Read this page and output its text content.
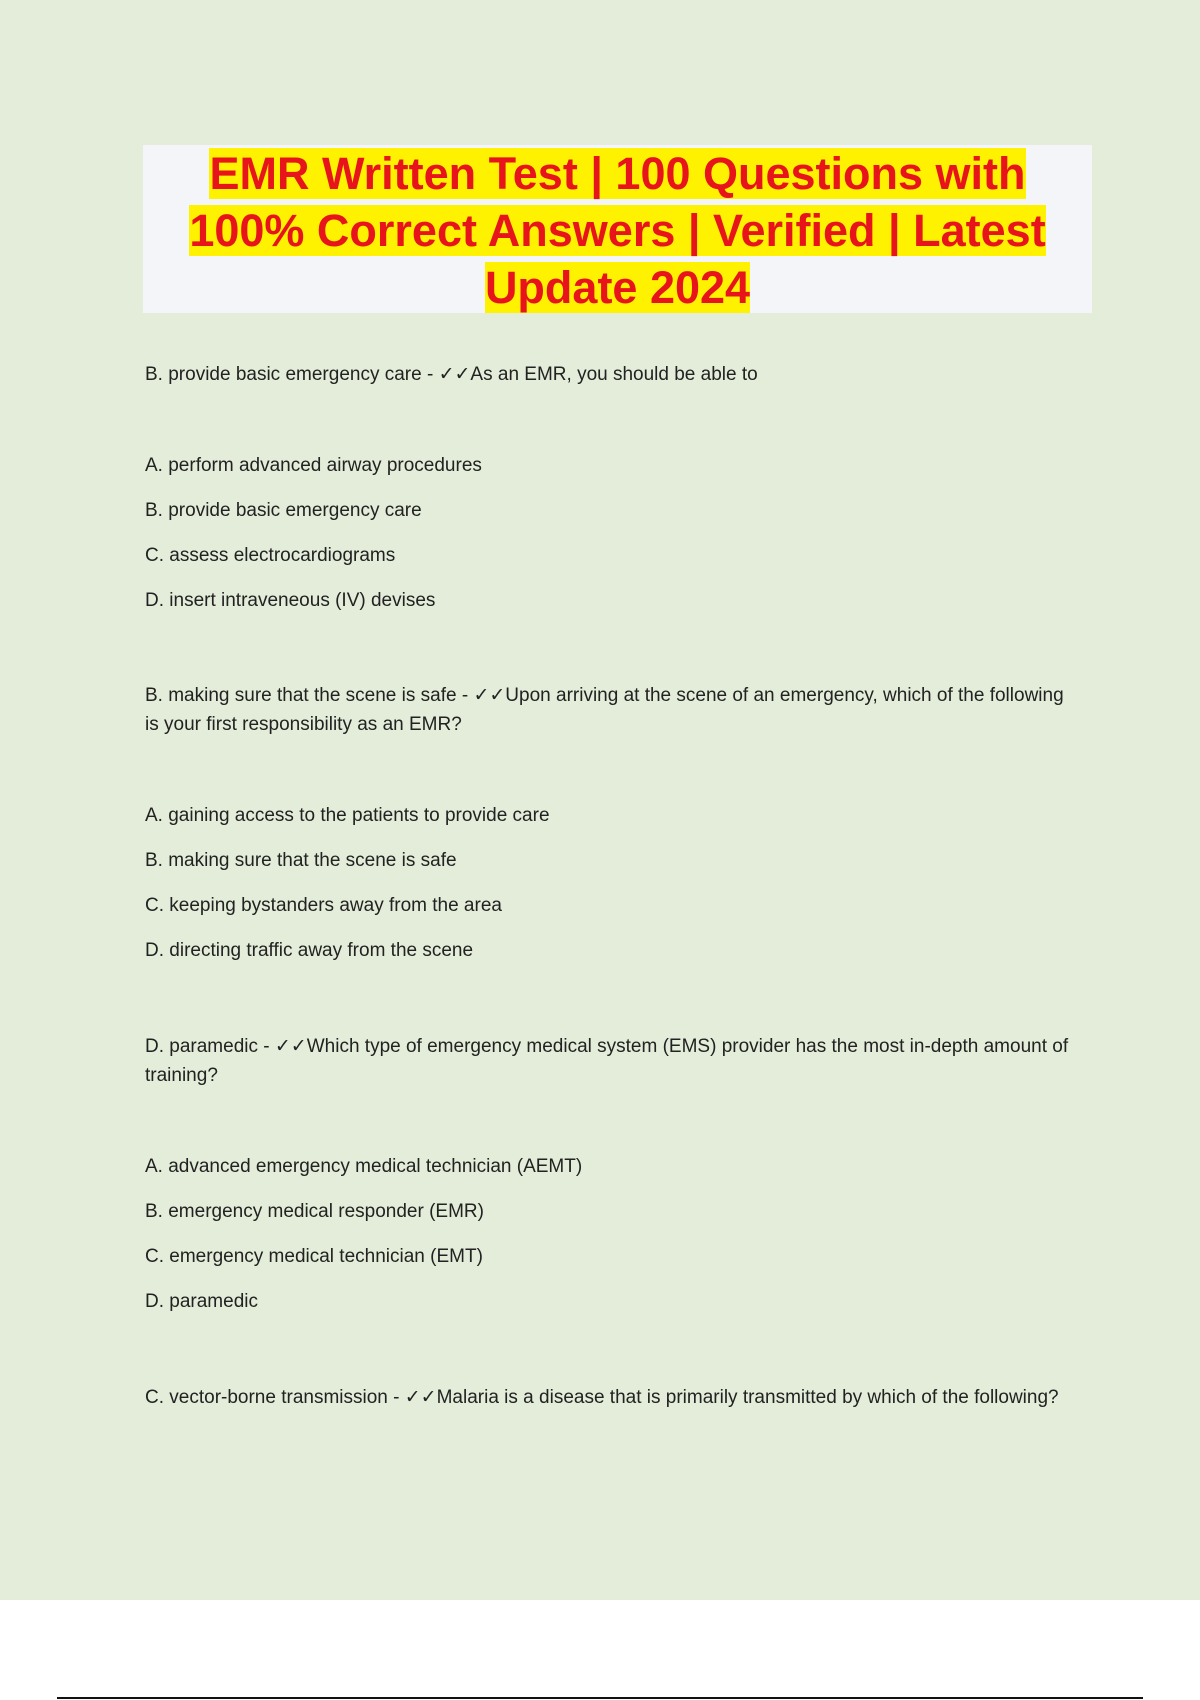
EMR Written Test | 100 Questions with
100% Correct Answers | Verified | Latest
Update 2024

B. provide basic emergency care - ✓✓As an EMR, you should be able to

A. perform advanced airway procedures
B. provide basic emergency care
C. assess electrocardiograms
D. insert intraveneous (IV) devises

B. making sure that the scene is safe - ✓✓Upon arriving at the scene of an emergency, which of the following is your first responsibility as an EMR?

A. gaining access to the patients to provide care
B. making sure that the scene is safe
C. keeping bystanders away from the area
D. directing traffic away from the scene

D. paramedic - ✓✓Which type of emergency medical system (EMS) provider has the most in-depth amount of training?

A. advanced emergency medical technician (AEMT)
B. emergency medical responder (EMR)
C. emergency medical technician (EMT)
D. paramedic

C. vector-borne transmission - ✓✓Malaria is a disease that is primarily transmitted by which of the following?
